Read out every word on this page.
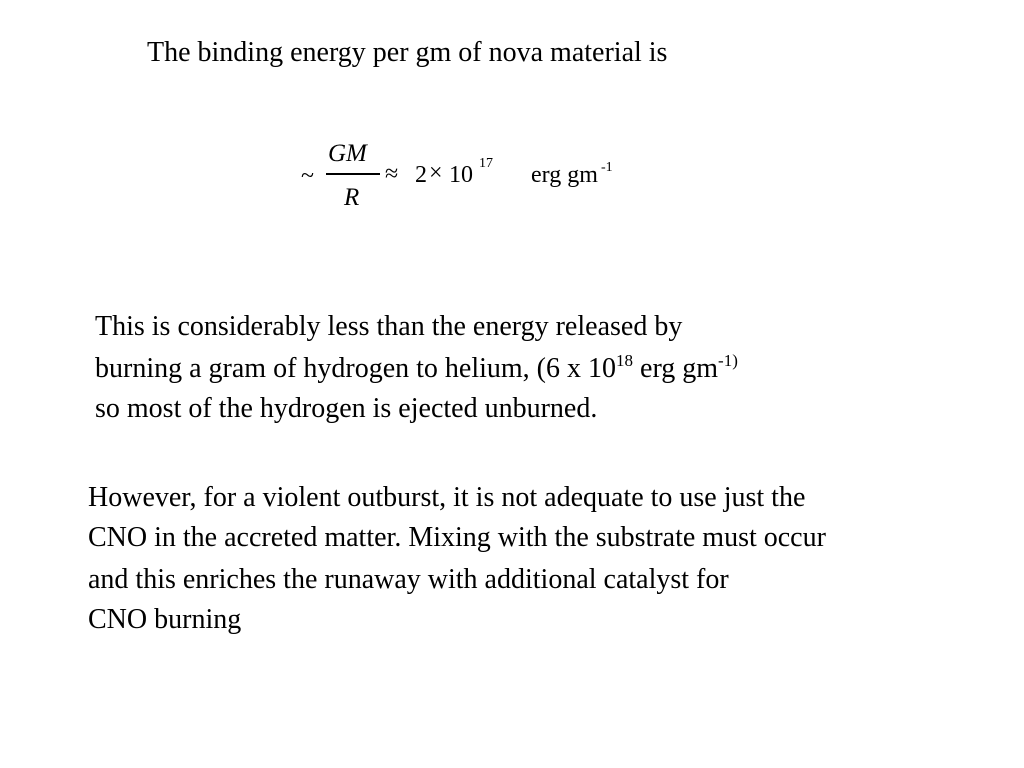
The binding energy per gm of nova material is
~
GM
R
≈ 2 × 10 17 erg gm -1
This is considerably less than the energy released by
burning a gram of hydrogen to helium, (6 x $10^{18}$ erg $gm^{-1)}$
so most of the hydrogen is ejected unburned.
However, for a violent outburst, it is not adequate to use just the
CNO in the accreted matter. Mixing with the substrate must occur
and this enriches the runaway with additional catalyst for
CNO burning
